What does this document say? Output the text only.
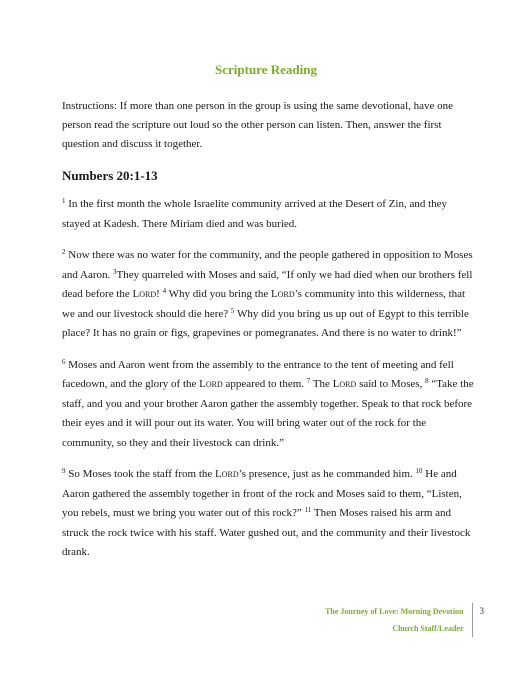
Scripture Reading
Instructions: If more than one person in the group is using the same devotional, have one person read the scripture out loud so the other person can listen. Then, answer the first question and discuss it together.
Numbers 20:1-13

$^1$ In the first month the whole Israelite community arrived at the Desert of Zin, and they stayed at Kadesh. There Miriam died and was buried.

$^2$ Now there was no water for the community, and the people gathered in opposition to Moses and Aaron. $^3$They quarreled with Moses and said, “If only we had died when our brothers fell dead before the Lord! $^4$ Why did you bring the Lord’s community into this wilderness, that we and our livestock should die here? $^5$ Why did you bring us up out of Egypt to this terrible place? It has no grain or figs, grapevines or pomegranates. And there is no water to drink!”

$^6$ Moses and Aaron went from the assembly to the entrance to the tent of meeting and fell facedown, and the glory of the Lord appeared to them. $^7$ The Lord said to Moses, $^8$ “Take the staff, and you and your brother Aaron gather the assembly together. Speak to that rock before their eyes and it will pour out its water. You will bring water out of the rock for the community, so they and their livestock can drink.”

$^9$ So Moses took the staff from the Lord’s presence, just as he commanded him. $^{10}$ He and Aaron gathered the assembly together in front of the rock and Moses said to them, “Listen, you rebels, must we bring you water out of this rock?” $^{11}$ Then Moses raised his arm and struck the rock twice with his staff. Water gushed out, and the community and their livestock drank.

The Journey of Love: Morning Devotion
Church Staff/Leader
3
